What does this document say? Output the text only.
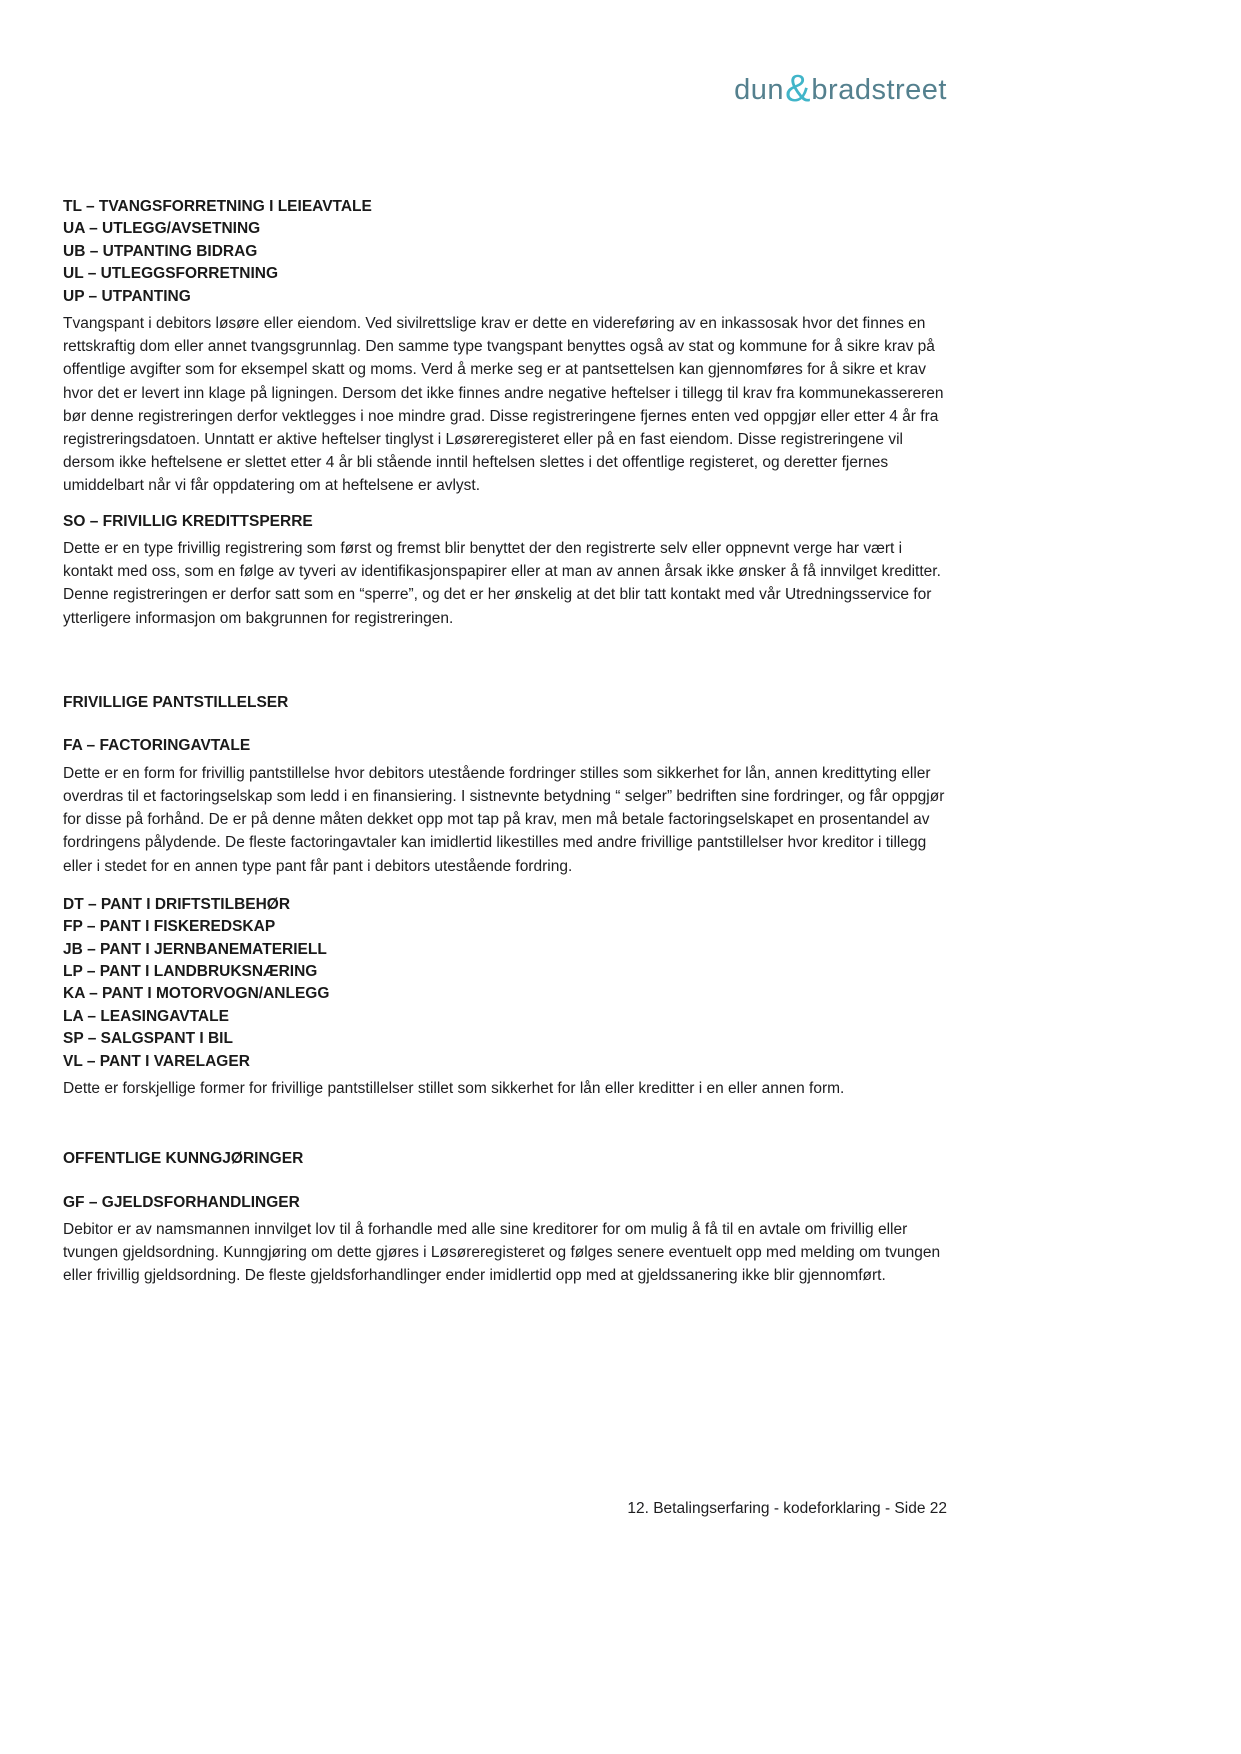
dun & bradstreet
TL – TVANGSFORRETNING I LEIEAVTALE
UA – UTLEGG/AVSETNING
UB – UTPANTING BIDRAG
UL – UTLEGGSFORRETNING
UP – UTPANTING

Tvangspant i debitors løsøre eller eiendom. Ved sivilrettslige krav er dette en videreføring av en inkassosak hvor det finnes en rettskraftig dom eller annet tvangsgrunnlag. Den samme type tvangspant benyttes også av stat og kommune for å sikre krav på offentlige avgifter som for eksempel skatt og moms. Verd å merke seg er at pantsettelsen kan gjennomføres for å sikre et krav hvor det er levert inn klage på ligningen. Dersom det ikke finnes andre negative heftelser i tillegg til krav fra kommunekassereren bør denne registreringen derfor vektlegges i noe mindre grad. Disse registreringene fjernes enten ved oppgjør eller etter 4 år fra registreringsdatoen. Unntatt er aktive heftelser tinglyst i Løsøreregisteret eller på en fast eiendom. Disse registreringene vil dersom ikke heftelsene er slettet etter 4 år bli stående inntil heftelsen slettes i det offentlige registeret, og deretter fjernes umiddelbart når vi får oppdatering om at heftelsene er avlyst.

SO – FRIVILLIG KREDITTSPERRE

Dette er en type frivillig registrering som først og fremst blir benyttet der den registrerte selv eller oppnevnt verge har vært i kontakt med oss, som en følge av tyveri av identifikasjonspapirer eller at man av annen årsak ikke ønsker å få innvilget kreditter. Denne registreringen er derfor satt som en “sperre”, og det er her ønskelig at det blir tatt kontakt med vår Utredningsservice for ytterligere informasjon om bakgrunnen for registreringen.

FRIVILLIGE PANTSTILLELSER
FA – FACTORINGAVTALE

Dette er en form for frivillig pantstillelse hvor debitors utestående fordringer stilles som sikkerhet for lån, annen kredittyting eller overdras til et factoringselskap som ledd i en finansiering. I sistnevnte betydning “ selger” bedriften sine fordringer, og får oppgjør for disse på forhånd. De er på denne måten dekket opp mot tap på krav, men må betale factoringselskapet en prosentandel av fordringens pålydende. De fleste factoringavtaler kan imidlertid likestilles med andre frivillige pantstillelser hvor kreditor i tillegg eller i stedet for en annen type pant får pant i debitors utestående fordring.

DT – PANT I DRIFTSTILBEHØR
FP – PANT I FISKEREDSKAP
JB – PANT I JERNBANEMATERIELL
LP – PANT I LANDBRUKSNÆRING
KA – PANT I MOTORVOGN/ANLEGG
LA – LEASINGAVTALE
SP – SALGSPANT I BIL
VL – PANT I VARELAGER

Dette er forskjellige former for frivillige pantstillelser stillet som sikkerhet for lån eller kreditter i en eller annen form.

OFFENTLIGE KUNNGJØRINGER
GF – GJELDSFORHANDLINGER

Debitor er av namsmannen innvilget lov til å forhandle med alle sine kreditorer for om mulig å få til en avtale om frivillig eller tvungen gjeldsordning. Kunngjøring om dette gjøres i Løsøreregisteret og følges senere eventuelt opp med melding om tvungen eller frivillig gjeldsordning. De fleste gjeldsforhandlinger ender imidlertid opp med at gjeldssanering ikke blir gjennomført.

12. Betalingserfaring - kodeforklaring - Side 22
